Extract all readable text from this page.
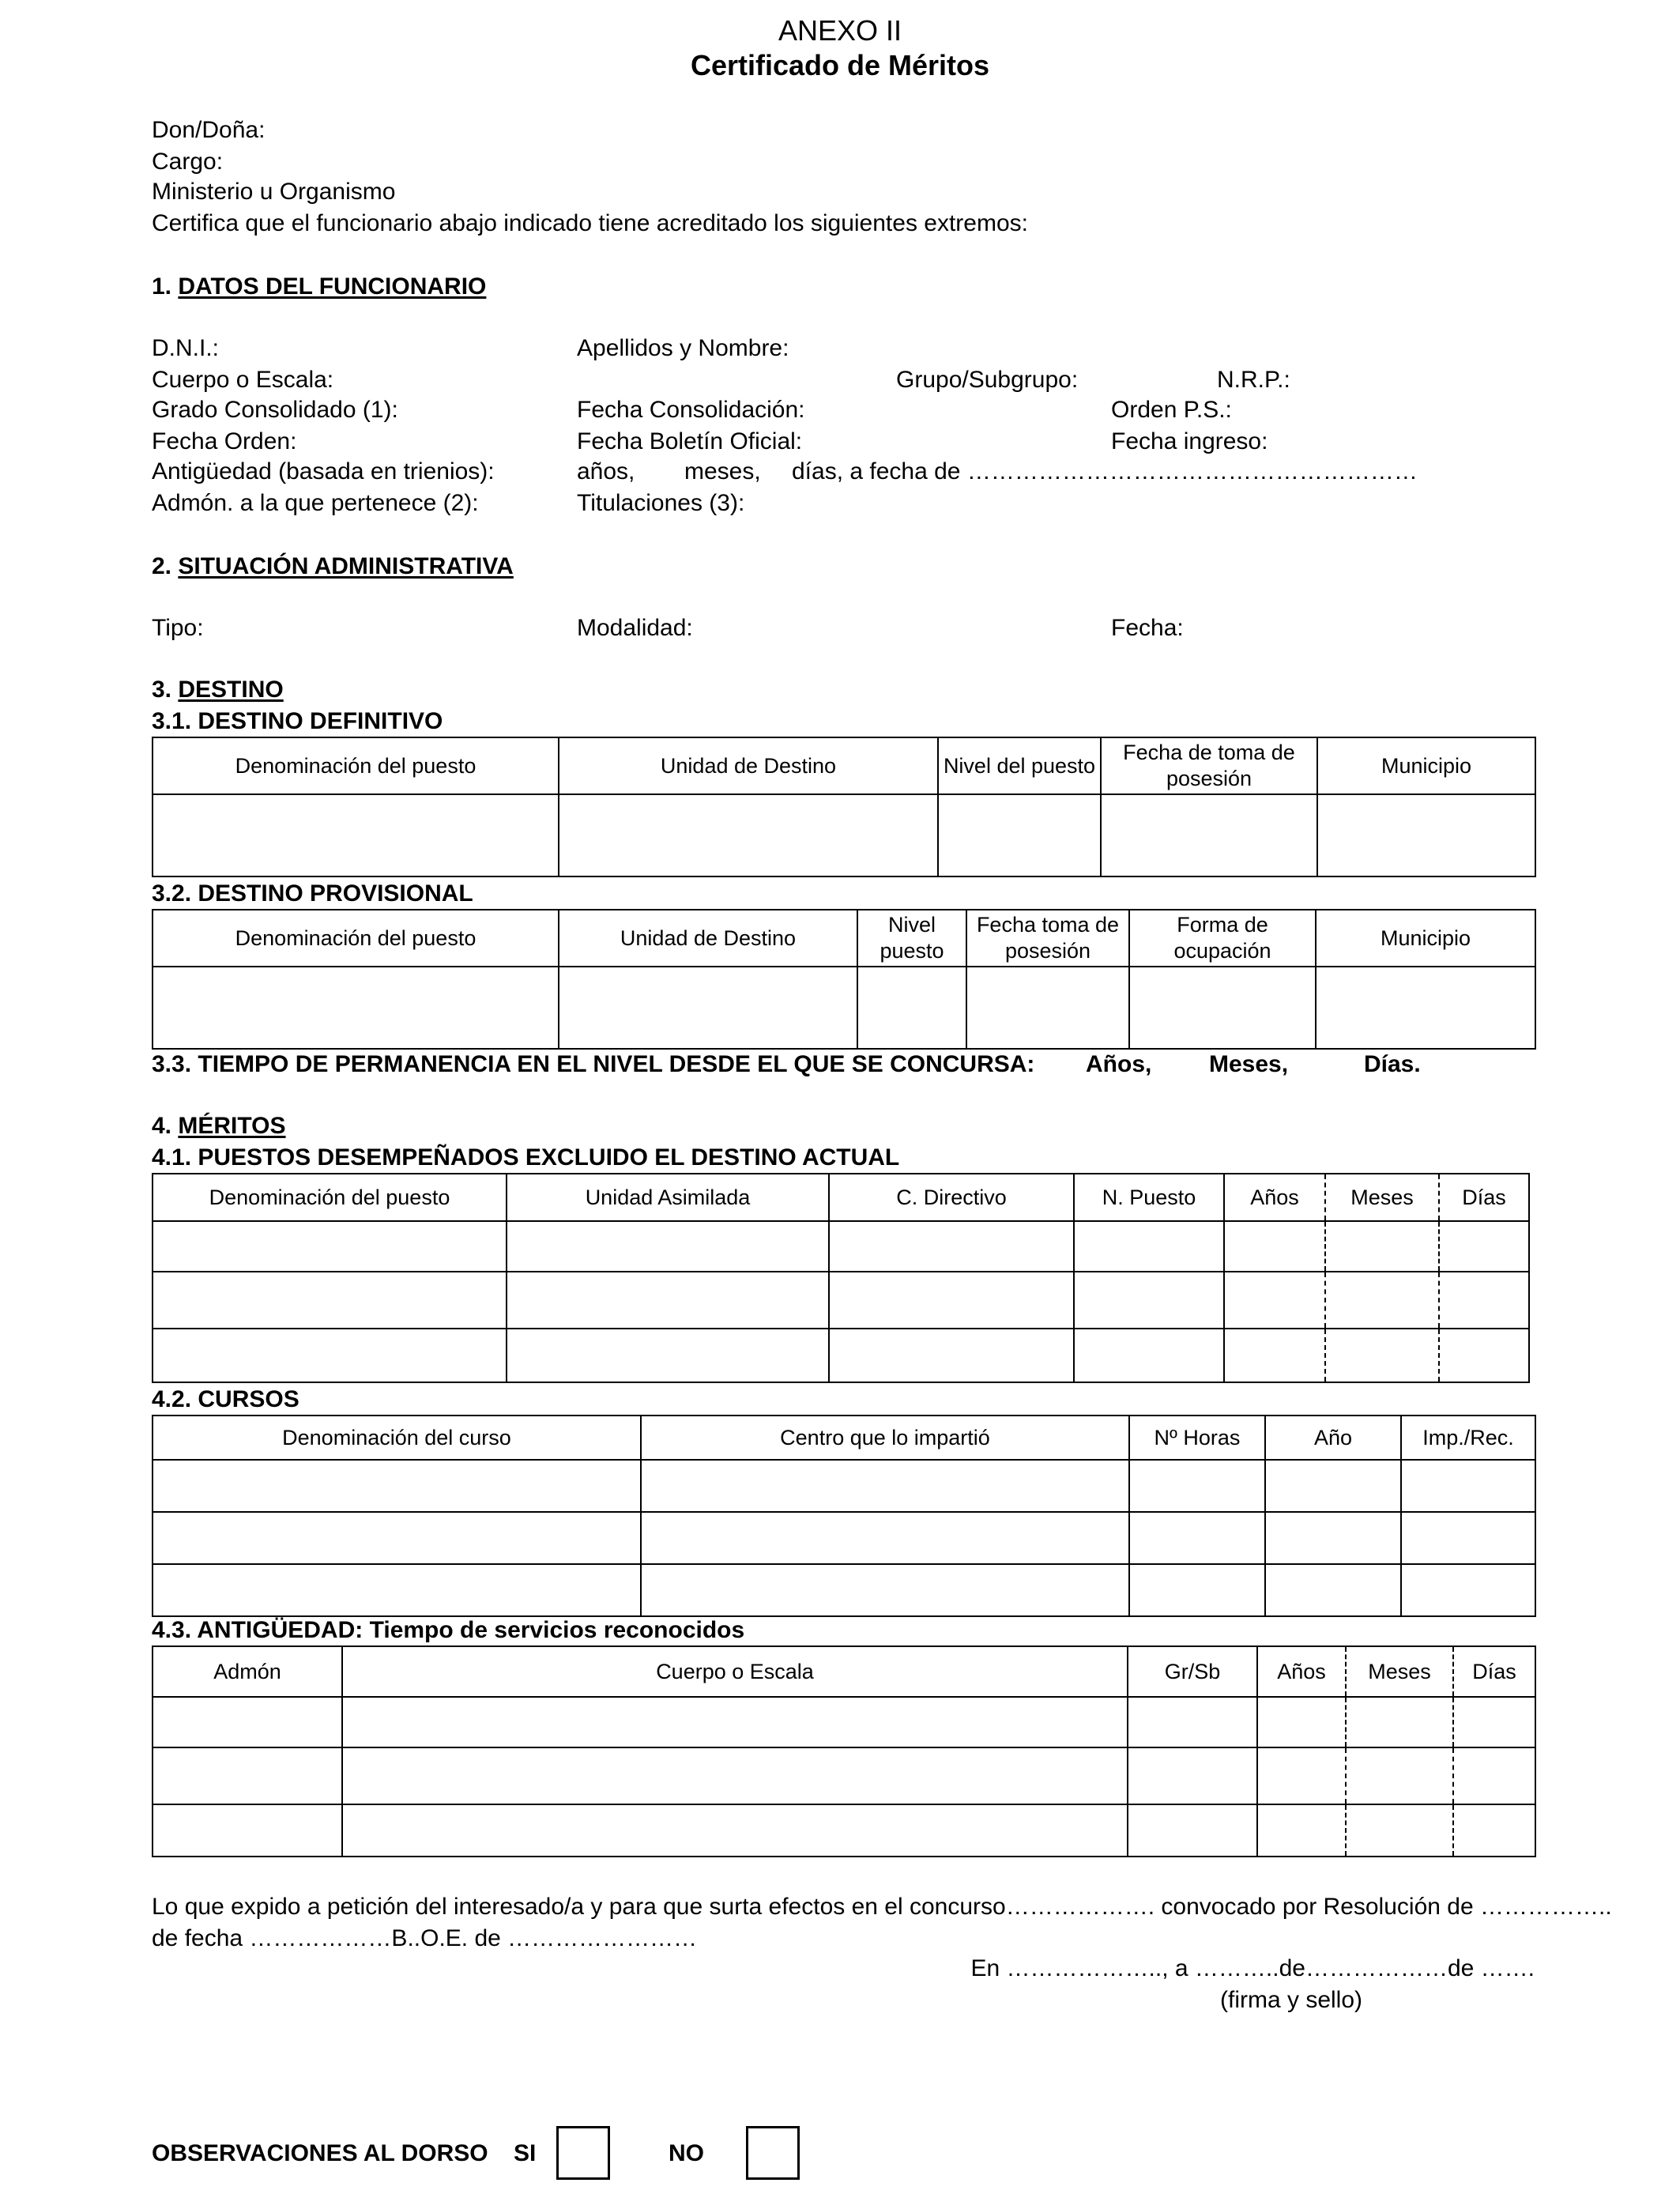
ANEXO II
Certificado de Méritos
Don/Doña:
Cargo:
Ministerio u Organismo
Certifica que el funcionario abajo indicado tiene acreditado los siguientes extremos:
1. DATOS DEL FUNCIONARIO
D.N.I.:	Apellidos y Nombre:
Cuerpo o Escala:	Grupo/Subgrupo:	N.R.P.:
Grado Consolidado (1):	Fecha Consolidación:	Orden P.S.:
Fecha Orden:	Fecha Boletín Oficial:	Fecha ingreso:
Antigüedad (basada en trienios):	años, meses, días, a fecha de …………………………………………………
Admón. a la que pertenece (2):	Titulaciones (3):
2. SITUACIÓN ADMINISTRATIVA
Tipo:	Modalidad:	Fecha:
3. DESTINO
3.1. DESTINO DEFINITIVO
Denominación del puesto	Unidad de Destino	Nivel del puesto	Fecha de toma de posesión	Municipio

3.2. DESTINO PROVISIONAL
Denominación del puesto	Unidad de Destino	Nivel puesto	Fecha toma de posesión	Forma de ocupación	Municipio

3.3. TIEMPO DE PERMANENCIA EN EL NIVEL DESDE EL QUE SE CONCURSA: Años, Meses,	Días.
4. MÉRITOS
4.1. PUESTOS DESEMPEÑADOS EXCLUIDO EL DESTINO ACTUAL
Denominación del puesto	Unidad Asimilada	C. Directivo	N. Puesto	Años	Meses	Días

4.2. CURSOS
Denominación del curso	Centro que lo impartió	Nº Horas	Año	Imp./Rec.

4.3. ANTIGÜEDAD: Tiempo de servicios reconocidos
Admón	Cuerpo o Escala	Gr/Sb	Años	Meses	Días

Lo que expido a petición del interesado/a y para que surta efectos en el concurso………………. convocado por Resolución de ……………..
de fecha ………………B..O.E. de ……………………
En ……………….., a ………..de………………de …….
(firma y sello)
OBSERVACIONES AL DORSO SI	NO
